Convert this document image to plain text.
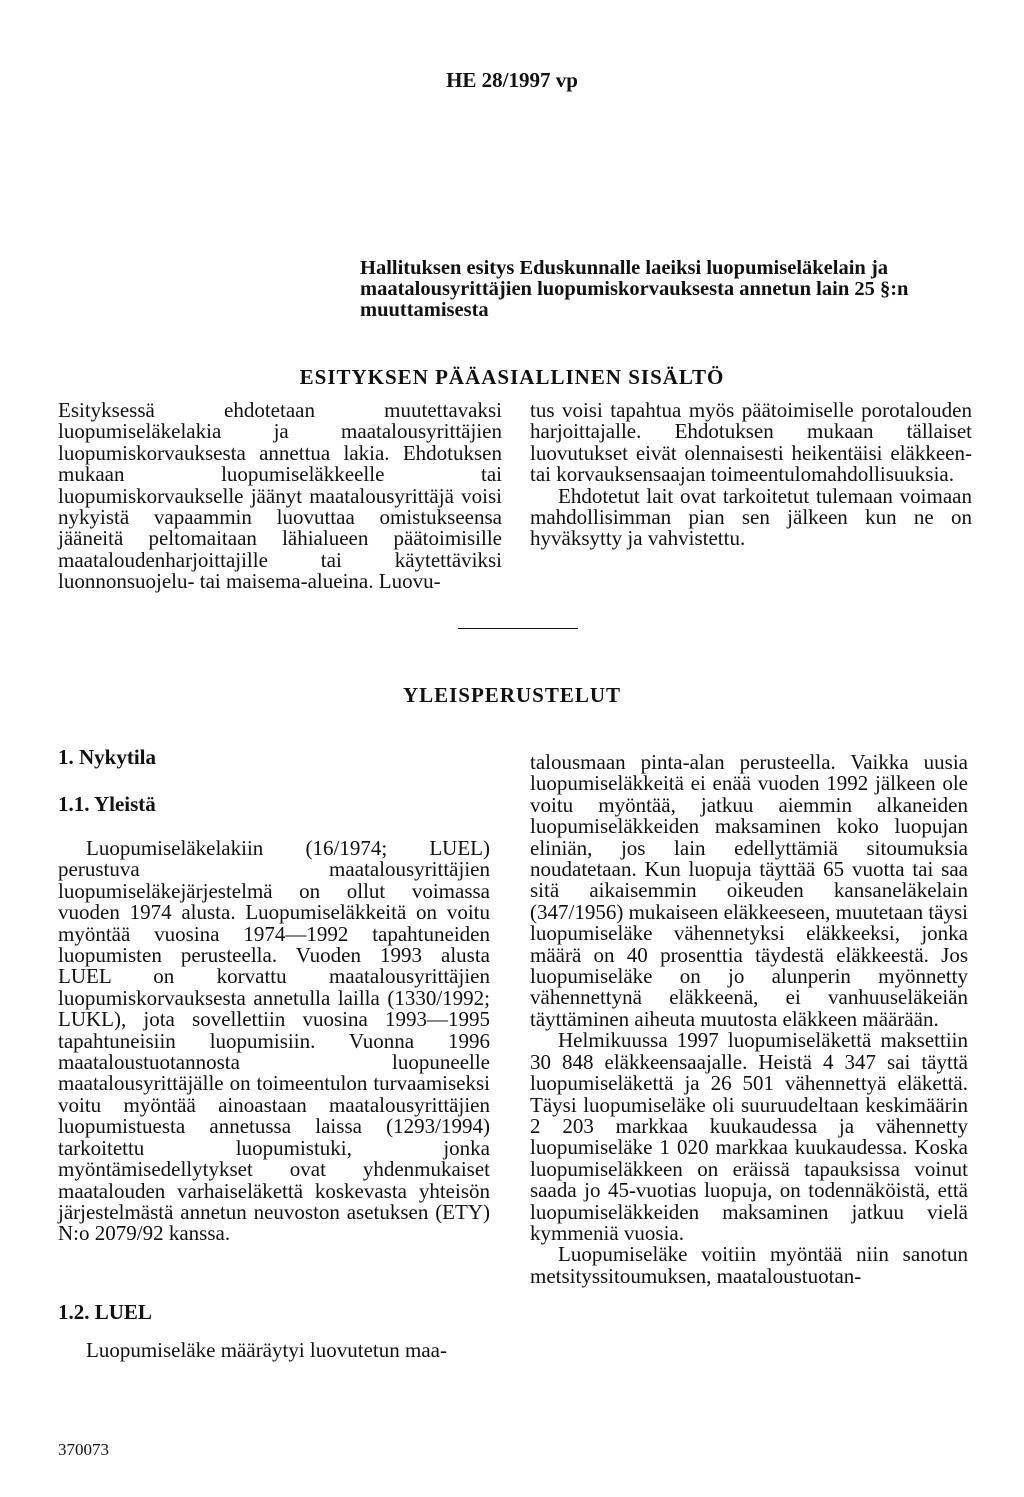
HE 28/1997 vp
Hallituksen esitys Eduskunnalle laeiksi luopumiseläkelain ja maatalousyrittäjien luopumiskorvauksesta annetun lain 25 §:n muuttamisesta
ESITYKSEN PÄÄASIALLINEN SISÄLTÖ

Esityksessä ehdotetaan muutettavaksi luopumiseläkelakia ja maatalousyrittäjien luopumiskorvauksesta annettua lakia. Ehdotuksen mukaan luopumiseläkkeelle tai luopumiskorvaukselle jäänyt maatalousyrittäjä voisi nykyistä vapaammin luovuttaa omistukseensa jääneitä peltomaitaan lähialueen päätoimisille maataloudenharjoittajille tai käytettäviksi luonnonsuojelu- tai maisema-alueina. Luovu-

tus voisi tapahtua myös päätoimiselle porotalouden harjoittajalle. Ehdotuksen mukaan tällaiset luovutukset eivät olennaisesti heikentäisi eläkkeen- tai korvauksensaajan toimeentulomahdollisuuksia.

Ehdotetut lait ovat tarkoitetut tulemaan voimaan mahdollisimman pian sen jälkeen kun ne on hyväksytty ja vahvistettu.

YLEISPERUSTELUT
1. Nykytila
1.1. Yleistä

Luopumiseläkelakiin (16/1974; LUEL) perustuva maatalousyrittäjien luopumiseläkejärjestelmä on ollut voimassa vuoden 1974 alusta. Luopumiseläkkeitä on voitu myöntää vuosina 1974—1992 tapahtuneiden luopumisten perusteella. Vuoden 1993 alusta LUEL on korvattu maatalousyrittäjien luopumiskorvauksesta annetulla lailla (1330/1992; LUKL), jota sovellettiin vuosina 1993—1995 tapahtuneisiin luopumisiin. Vuonna 1996 maataloustuotannosta luopuneelle maatalousyrittäjälle on toimeentulon turvaamiseksi voitu myöntää ainoastaan maatalousyrittäjien luopumistuesta annetussa laissa (1293/1994) tarkoitettu luopumistuki, jonka myöntämisedellytykset ovat yhdenmukaiset maatalouden varhaiseläkettä koskevasta yhteisön järjestelmästä annetun neuvoston asetuksen (ETY) N:o 2079/92 kanssa.

1.2. LUEL

Luopumiseläke määräytyi luovutetun maa-

talousmaan pinta-alan perusteella. Vaikka uusia luopumiseläkkeitä ei enää vuoden 1992 jälkeen ole voitu myöntää, jatkuu aiemmin alkaneiden luopumiseläkkeiden maksaminen koko luopujan eliniän, jos lain edellyttämiä sitoumuksia noudatetaan. Kun luopuja täyttää 65 vuotta tai saa sitä aikaisemmin oikeuden kansaneläkelain (347/1956) mukaiseen eläkkeeseen, muutetaan täysi luopumiseläke vähennetyksi eläkkeeksi, jonka määrä on 40 prosenttia täydestä eläkkeestä. Jos luopumiseläke on jo alunperin myönnetty vähennettynä eläkkeenä, ei vanhuuseläkeiän täyttäminen aiheuta muutosta eläkkeen määrään.

Helmikuussa 1997 luopumiseläkettä maksettiin 30 848 eläkkeensaajalle. Heistä 4 347 sai täyttä luopumiseläkettä ja 26 501 vähennettyä eläkettä. Täysi luopumiseläke oli suuruudeltaan keskimäärin 2 203 markkaa kuukaudessa ja vähennetty luopumiseläke 1 020 markkaa kuukaudessa. Koska luopumiseläkkeen on eräissä tapauksissa voinut saada jo 45-vuotias luopuja, on todennäköistä, että luopumiseläkkeiden maksaminen jatkuu vielä kymmeniä vuosia.

Luopumiseläke voitiin myöntää niin sanotun metsityssitoumuksen, maataloustuotan-

370073
